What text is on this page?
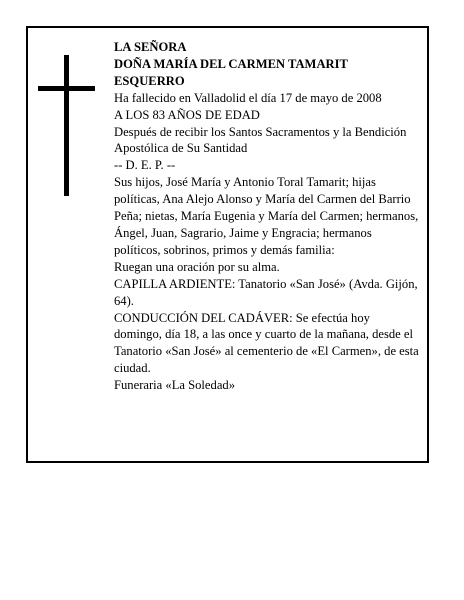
LA SEÑORA

DOÑA MARÍA DEL CARMEN TAMARIT ESQUERRO

Ha fallecido en Valladolid el día 17 de mayo de 2008

A LOS 83 AÑOS DE EDAD

Después de recibir los Santos Sacramentos y la Bendición Apostólica de Su Santidad

-- D. E. P. --

Sus hijos, José María y Antonio Toral Tamarit; hijas políticas, Ana Alejo Alonso y María del Carmen del Barrio Peña; nietas, María Eugenia y María del Carmen; hermanos, Ángel, Juan, Sagrario, Jaime y Engracia; hermanos políticos, sobrinos, primos y demás familia:

Ruegan una oración por su alma.

CAPILLA ARDIENTE: Tanatorio «San José» (Avda. Gijón, 64).

CONDUCCIÓN DEL CADÁVER: Se efectúa hoy domingo, día 18, a las once y cuarto de la mañana, desde el Tanatorio «San José» al cementerio de «El Carmen», de esta ciudad.

Funeraria «La Soledad»
